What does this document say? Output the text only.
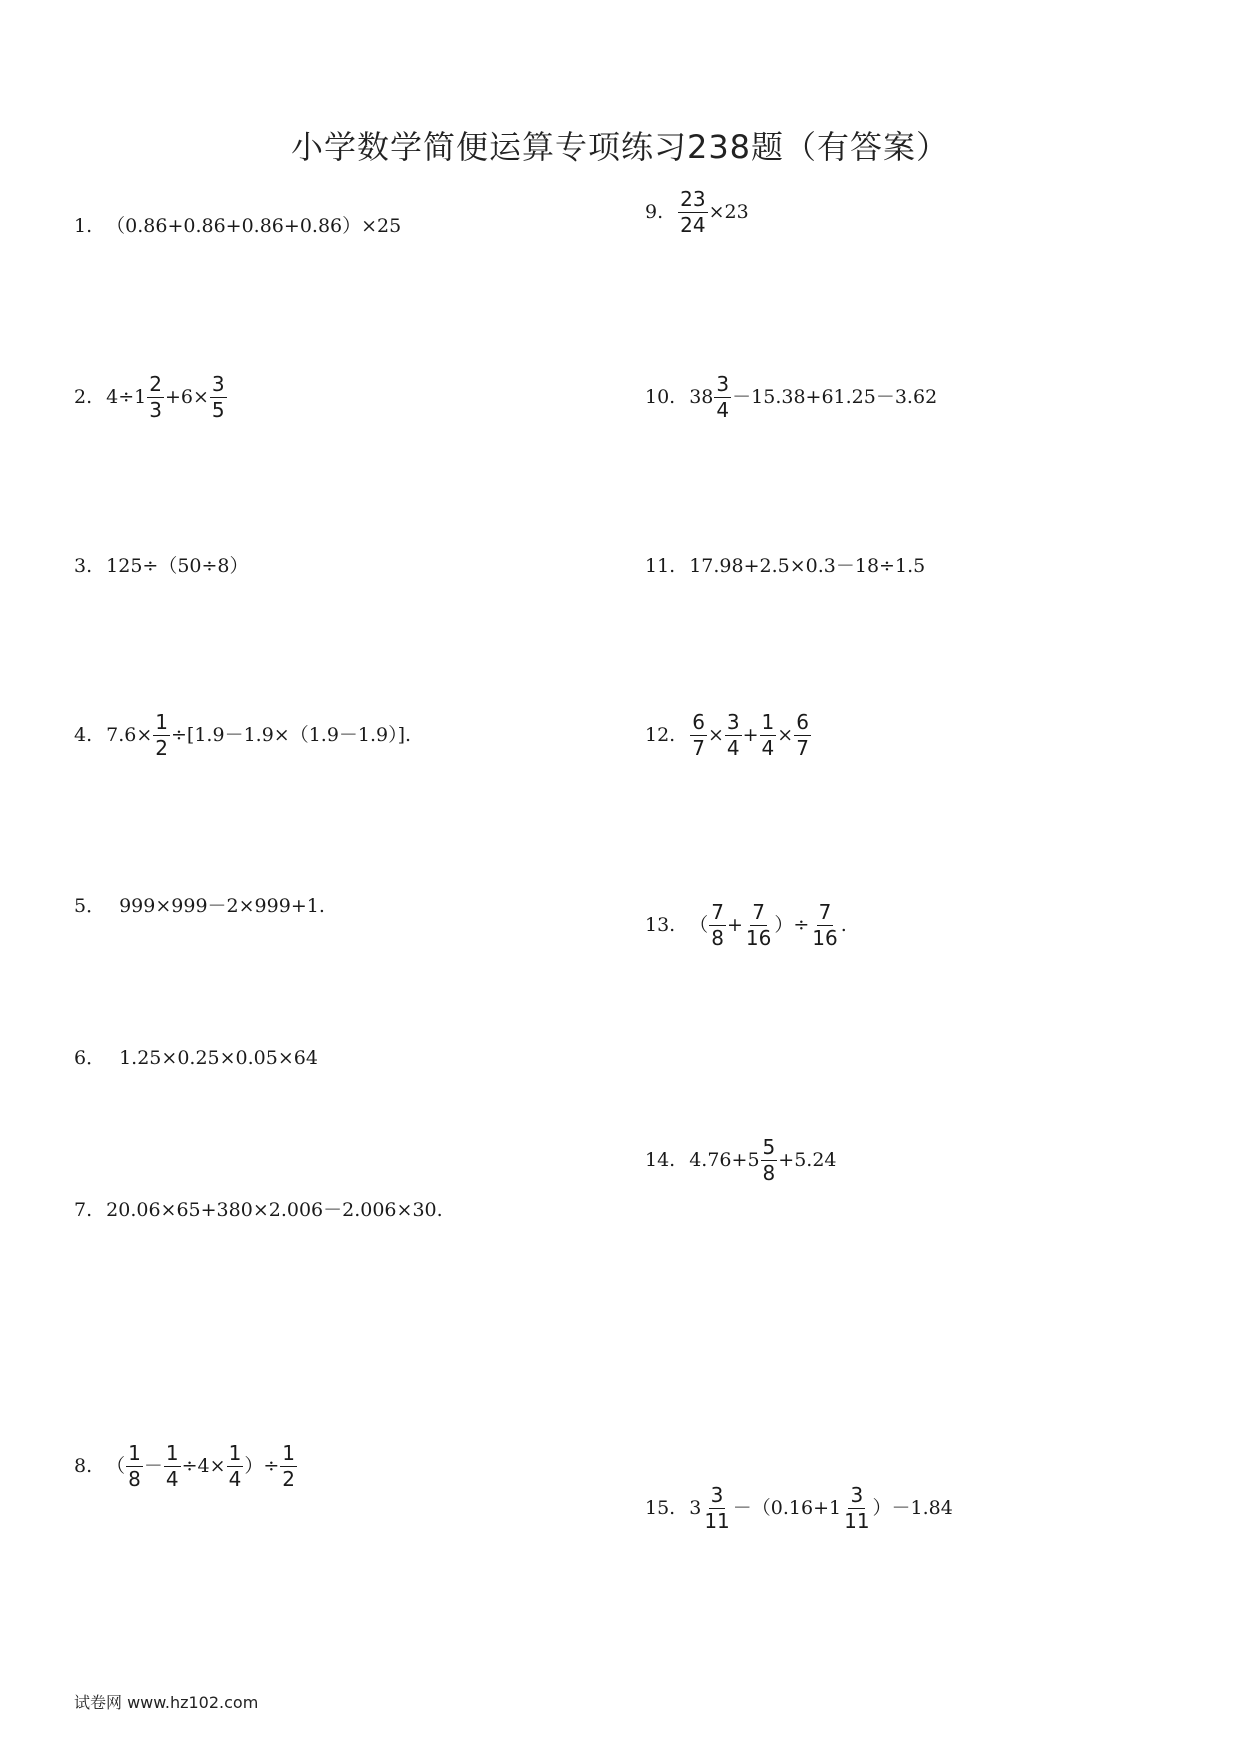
小学数学简便运算专项练习238题（有答案）
1. （0.86+0.86+0.86+0.86）×25
2. $4\div 1 \frac{2}{3} +6\times \frac{3}{5}$
3. 125÷（50÷8）
4. $7.6\times \frac{1}{2} \div[1.9-1.9\times(1.9-1.9)]$.
5． 999×999－2×999+1.
6． 1.25×0.25×0.05×64
7. 20.06×65+380×2.006－2.006×30.
8. （ $\frac{1}{8} - \frac{1}{4} \div 4\times \frac{1}{4}$ ）÷ $\frac{1}{2}$
9. $\frac{23}{24} \times 23$
10. $38 \frac{3}{4} -15.38+61.25-3.62$
11. 17.98+2.5×0.3－18÷1.5
12. $\frac{6}{7} \times \frac{3}{4} + \frac{1}{4} \times \frac{6}{7}$
13. （ $\frac{7}{8} + \frac{7}{16}$ ）÷ $\frac{7}{16}$ .
14. $4.76+5 \frac{5}{8} +5.24$
15. $3 \frac{3}{11} -(0.16+1 \frac{3}{11} )-1.84$
试卷网 www.hz102.com
